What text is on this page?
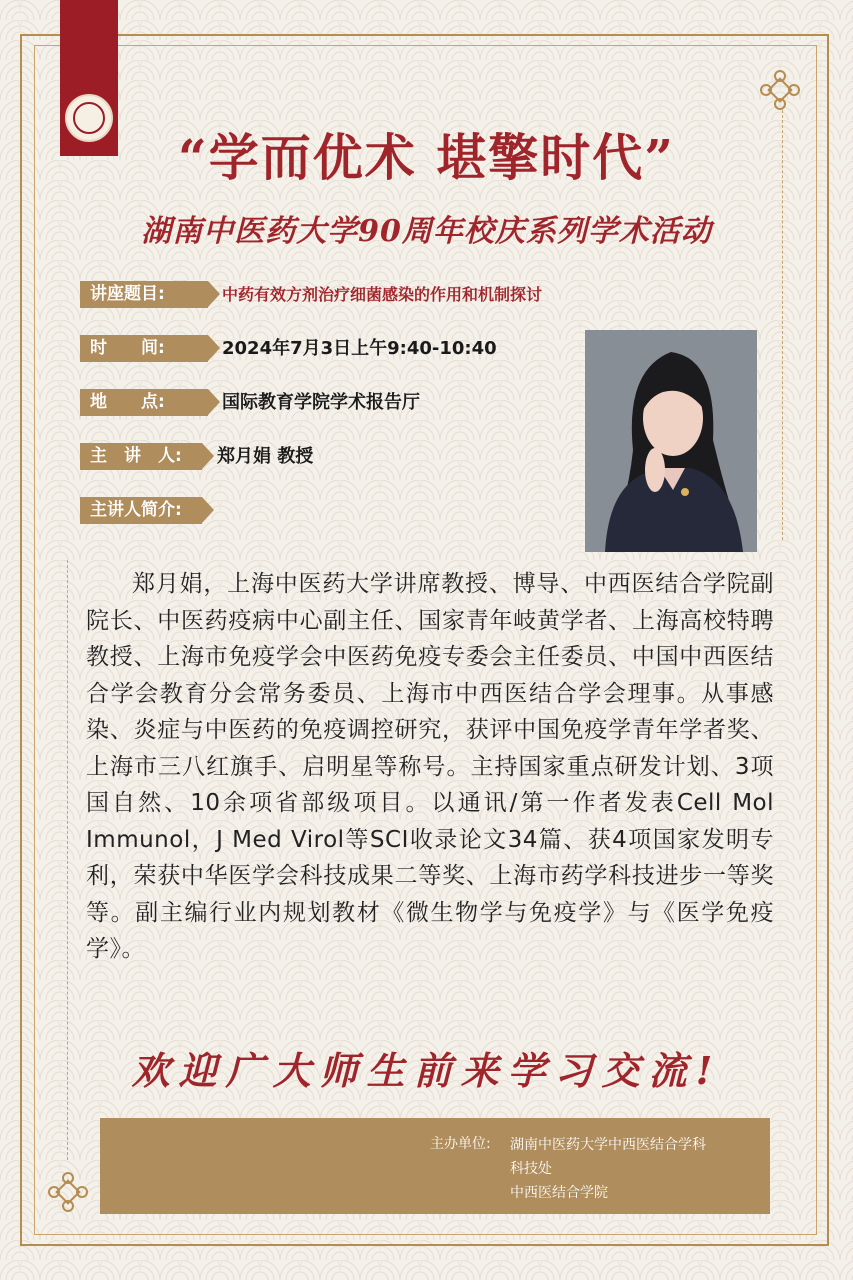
“学而优术 堪擎时代”
湖南中医药大学90周年校庆系列学术活动
讲座题目:	中药有效方剂治疗细菌感染的作用和机制探讨
时　　间:	2024年7月3日上午9:40-10:40
地　　点:	国际教育学院学术报告厅
主　讲　人:	郑月娟 教授
主讲人简介:
郑月娟，上海中医药大学讲席教授、博导、中西医结合学院副院长、中医药疫病中心副主任、国家青年岐黄学者、上海高校特聘教授、上海市免疫学会中医药免疫专委会主任委员、中国中西医结合学会教育分会常务委员、上海市中西医结合学会理事。从事感染、炎症与中医药的免疫调控研究，获评中国免疫学青年学者奖、上海市三八红旗手、启明星等称号。主持国家重点研发计划、3项国自然、10余项省部级项目。以通讯/第一作者发表Cell Mol Immunol，J Med Virol等SCI收录论文34篇、获4项国家发明专利，荣获中华医学会科技成果二等奖、上海市药学科技进步一等奖等。副主编行业内规划教材《微生物学与免疫学》与《医学免疫学》。
欢迎广大师生前来学习交流!
主办单位: 湖南中医药大学中西医结合学科
科技处
中西医结合学院
